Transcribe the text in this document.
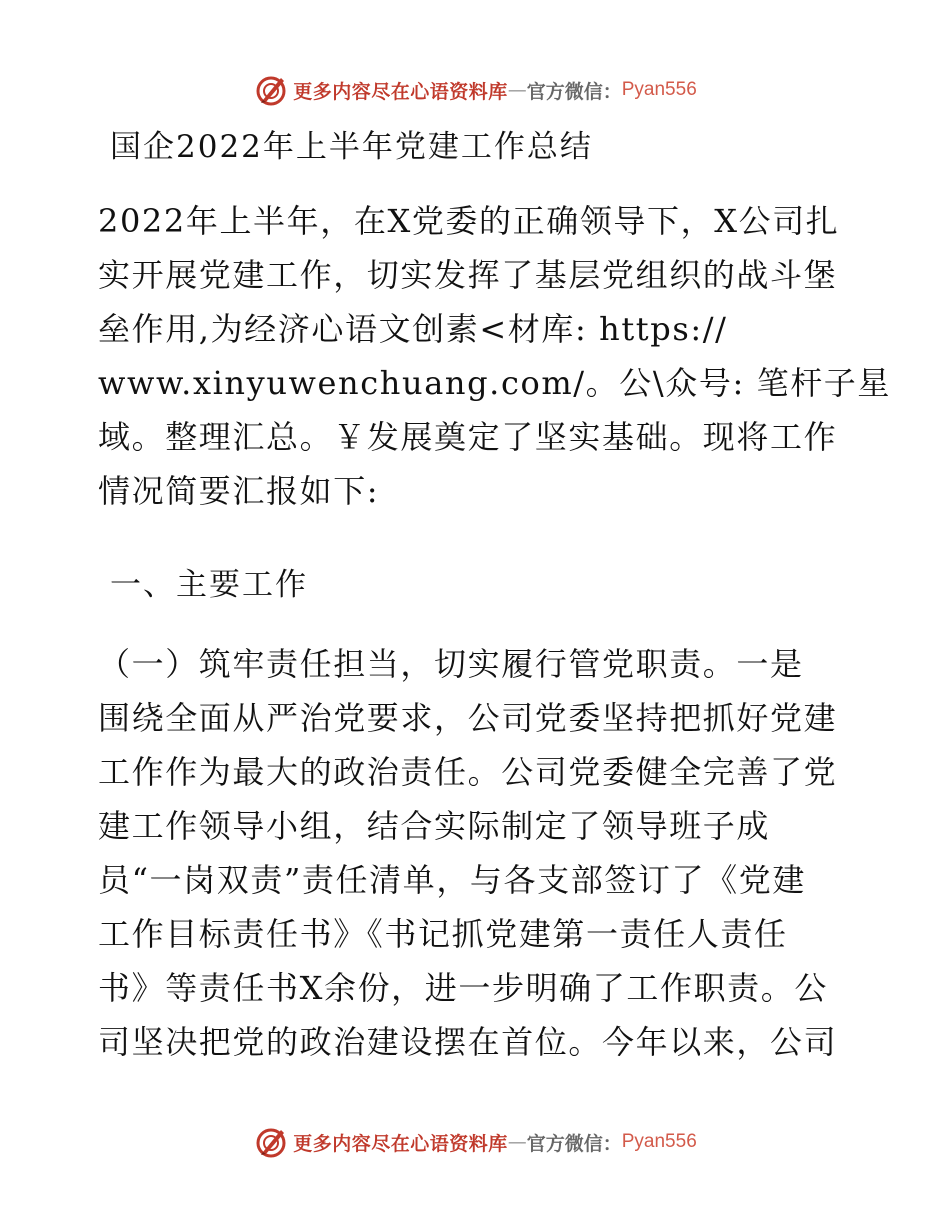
更多内容尽在心语资料库 — 官方微信： Pyan556
国企2022年上半年党建工作总结
2022年上半年，在X党委的正确领导下，X公司扎
实开展党建工作，切实发挥了基层党组织的战斗堡
垒作用,为经济心语文创素<材库: https://
www.xinyuwenchuang.com/。公\众号: 笔杆子星
域。整理汇总。￥发展奠定了坚实基础。现将工作
情况简要汇报如下:
一、主要工作
（一）筑牢责任担当，切实履行管党职责。一是
围绕全面从严治党要求，公司党委坚持把抓好党建
工作作为最大的政治责任。公司党委健全完善了党
建工作领导小组，结合实际制定了领导班子成
员“一岗双责”责任清单，与各支部签订了《党建
工作目标责任书》《书记抓党建第一责任人责任
书》等责任书X余份，进一步明确了工作职责。公
司坚决把党的政治建设摆在首位。今年以来，公司
更多内容尽在心语资料库 — 官方微信： Pyan556
